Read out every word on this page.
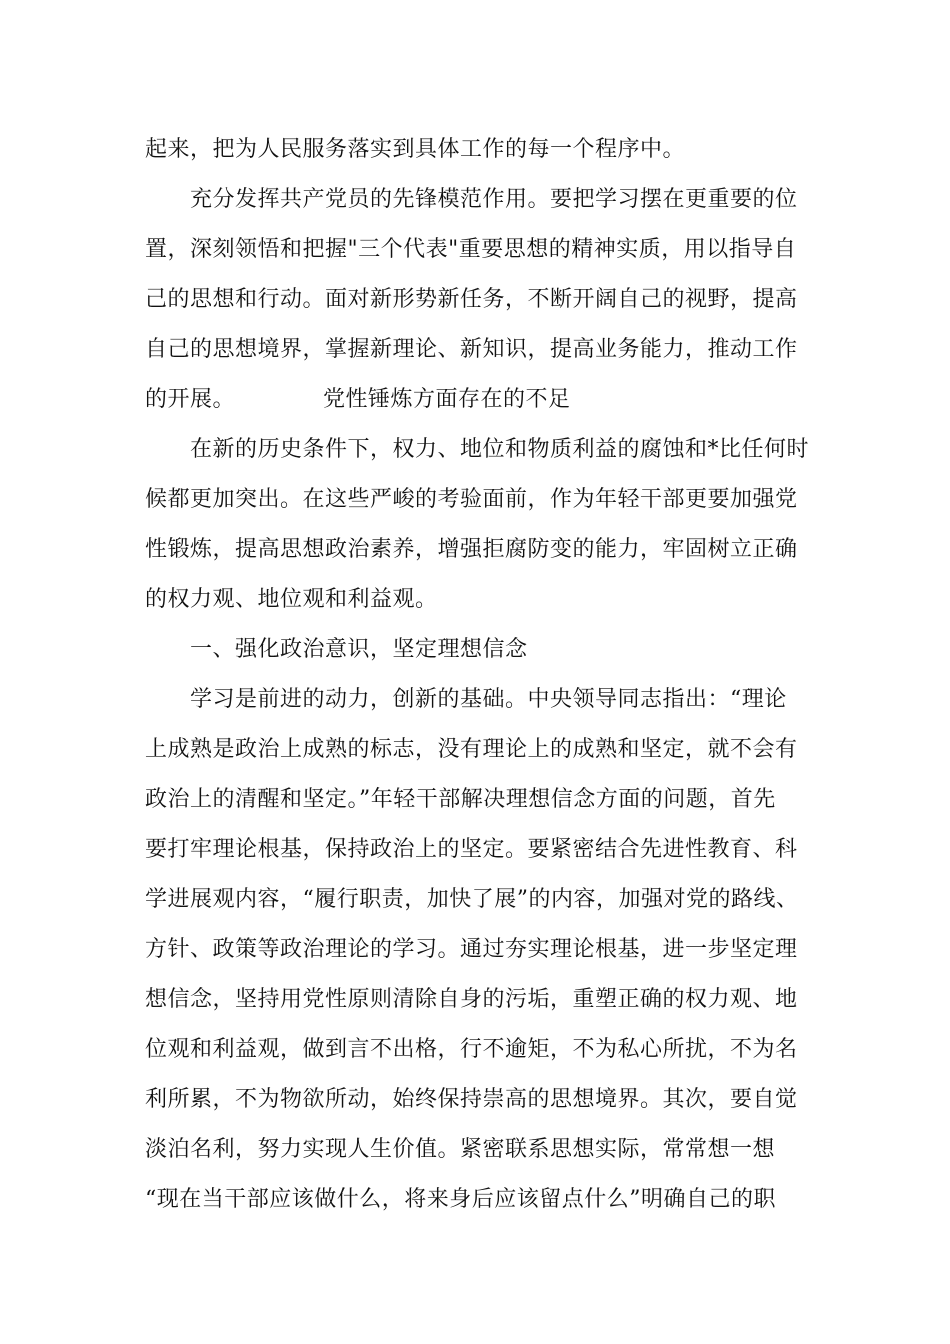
起来，把为人民服务落实到具体工作的每一个程序中。
充分发挥共产党员的先锋模范作用。要把学习摆在更重要的位
置，深刻领悟和把握"三个代表"重要思想的精神实质，用以指导自
己的思想和行动。面对新形势新任务，不断开阔自己的视野，提高
自己的思想境界，掌握新理论、新知识，提高业务能力，推动工作
的开展。	党性锤炼方面存在的不足
在新的历史条件下，权力、地位和物质利益的腐蚀和*比任何时
候都更加突出。在这些严峻的考验面前，作为年轻干部更要加强党
性锻炼，提高思想政治素养，增强拒腐防变的能力，牢固树立正确
的权力观、地位观和利益观。
一、强化政治意识，坚定理想信念
学习是前进的动力，创新的基础。中央领导同志指出：“理论
上成熟是政治上成熟的标志，没有理论上的成熟和坚定，就不会有
政治上的清醒和坚定。”年轻干部解决理想信念方面的问题，首先
要打牢理论根基，保持政治上的坚定。要紧密结合先进性教育、科
学进展观内容，“履行职责，加快了展”的内容，加强对党的路线、
方针、政策等政治理论的学习。通过夯实理论根基，进一步坚定理
想信念，坚持用党性原则清除自身的污垢，重塑正确的权力观、地
位观和利益观，做到言不出格，行不逾矩，不为私心所扰，不为名
利所累，不为物欲所动，始终保持崇高的思想境界。其次，要自觉
淡泊名利，努力实现人生价值。紧密联系思想实际，常常想一想
“现在当干部应该做什么，将来身后应该留点什么”明确自己的职
